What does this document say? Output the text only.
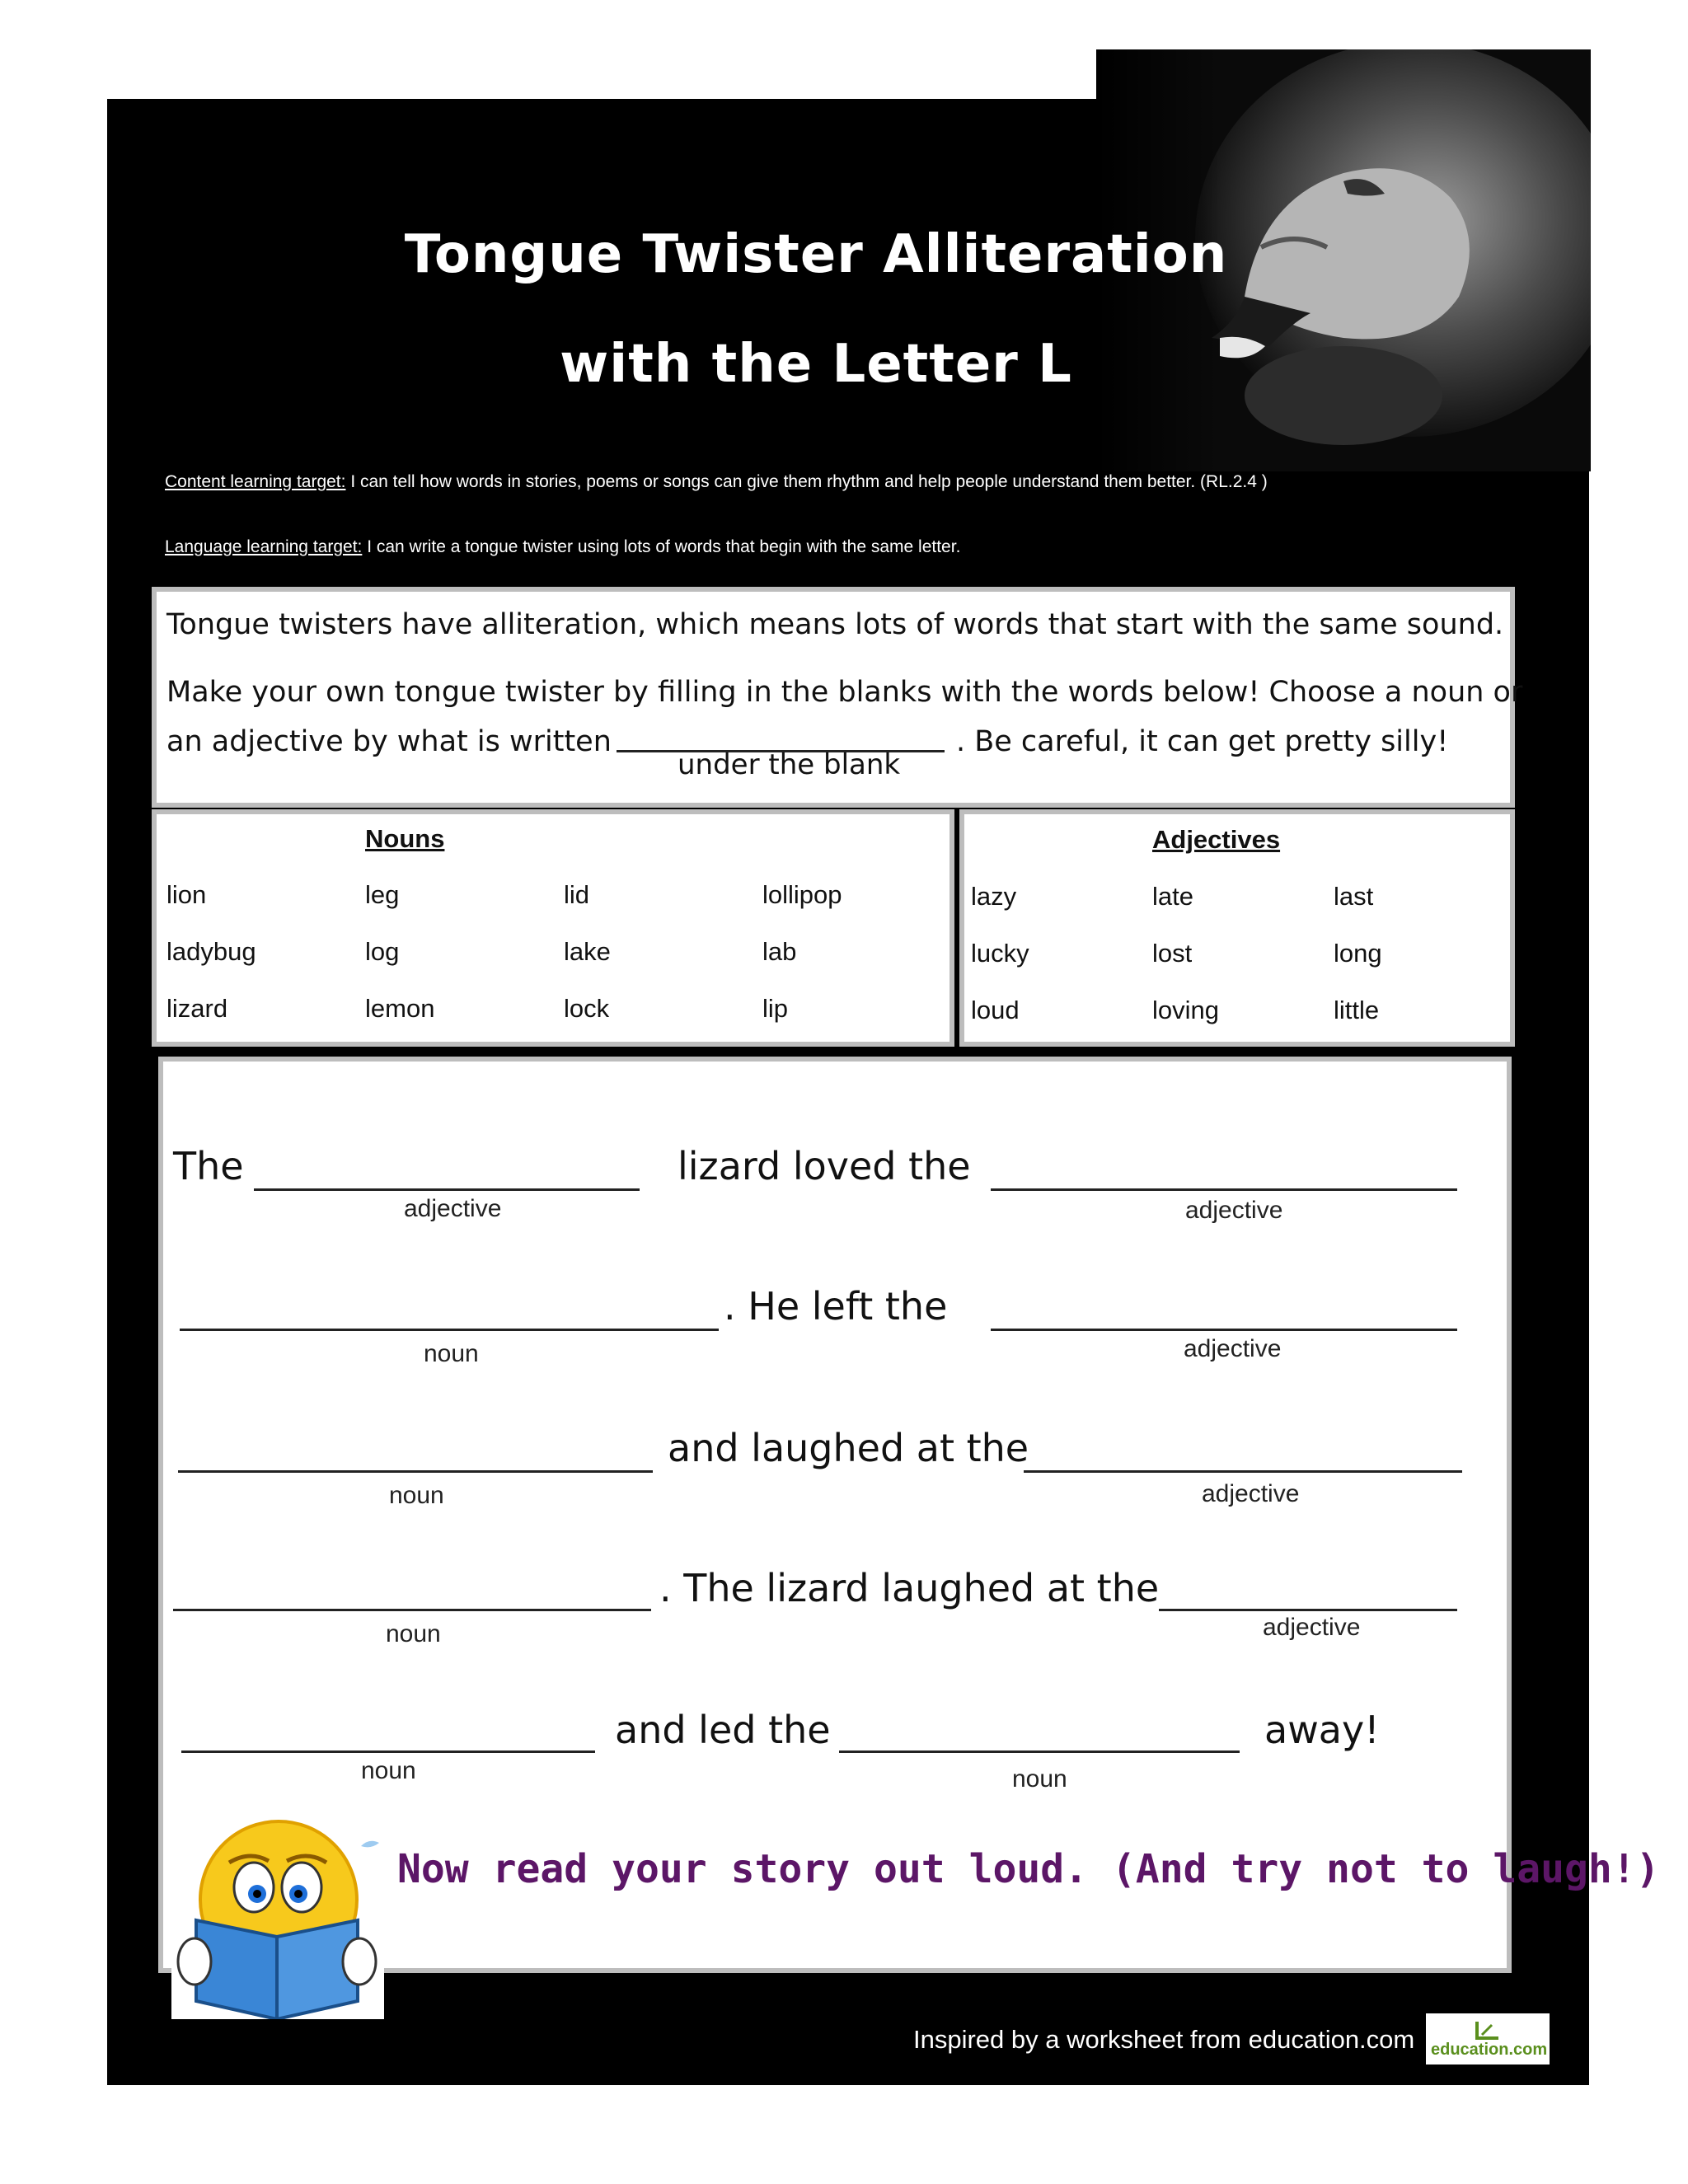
Tongue Twister Alliteration
with the Letter L
Content learning target: I can tell how words in stories, poems or songs can give them rhythm and help people understand them better. (RL.2.4 )
Language learning target: I can write a tongue twister using lots of words that begin with the same letter.
Tongue twisters have alliteration, which means lots of words that start with the same sound.
Make your own tongue twister by filling in the blanks with the words below! Choose a noun or
an adjective by what is written	. Be careful, it can get pretty silly!
under the blank
Nouns
lion	leg	lid	lollipop
ladybug	log	lake	lab
lizard	lemon	lock	lip
Adjectives
lazy	late	last
lucky	lost	long
loud	loving	little
The
adjective
lizard loved the
adjective
noun
. He left the
adjective
noun
and laughed at the
adjective
noun
. The lizard laughed at the
adjective
noun
and led the
noun
away!
Now read your story out loud. (And try not to laugh!)
Inspired by a worksheet from education.com education.com
